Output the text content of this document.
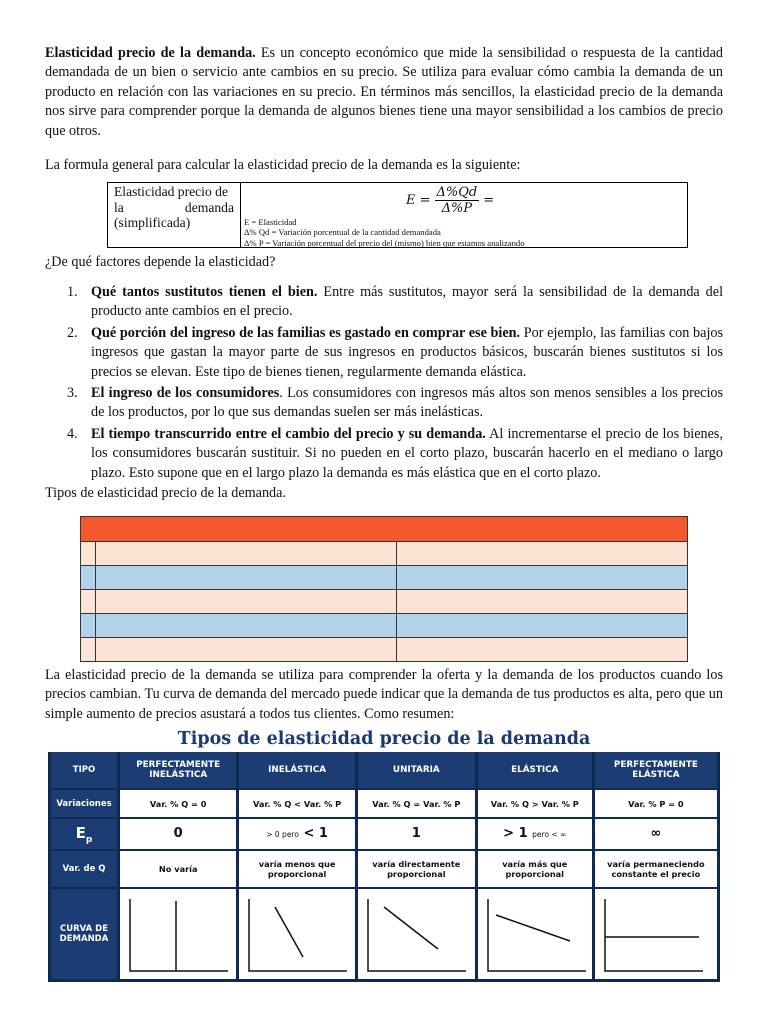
Elasticidad precio de la demanda. Es un concepto económico que mide la sensibilidad o respuesta de la cantidad demandada de un bien o servicio ante cambios en su precio. Se utiliza para evaluar cómo cambia la demanda de un producto en relación con las variaciones en su precio. En términos más sencillos, la elasticidad precio de la demanda nos sirve para comprender porque la demanda de algunos bienes tiene una mayor sensibilidad a los cambios de precio que otros.

La formula general para calcular la elasticidad precio de la demanda es la siguiente:

Elasticidad precio de
la	demanda
(simplificada)
$E = \frac{\Delta\%Qd}{\Delta\%P}$ =
E = Elasticidad
Δ% Qd = Variación porcentual de la cantidad demandada
Δ% P = Variación porcentual del precio del (mismo) bien que estamos analizando
¿De qué factores depende la elasticidad?
1. Qué tantos sustitutos tienen el bien. Entre más sustitutos, mayor será la sensibilidad de la demanda del producto ante cambios en el precio.
2. Qué porción del ingreso de las familias es gastado en comprar ese bien. Por ejemplo, las familias con bajos ingresos que gastan la mayor parte de sus ingresos en productos básicos, buscarán bienes sustitutos si los precios se elevan. Este tipo de bienes tienen, regularmente demanda elástica.
3. El ingreso de los consumidores. Los consumidores con ingresos más altos son menos sensibles a los precios de los productos, por lo que sus demandas suelen ser más inelásticas.
4. El tiempo transcurrido entre el cambio del precio y su demanda. Al incrementarse el precio de los bienes, los consumidores buscarán sustituir. Si no pueden en el corto plazo, buscarán hacerlo en el mediano o largo plazo. Esto supone que en el largo plazo la demanda es más elástica que en el corto plazo.
Tipos de elasticidad precio de la demanda.

La elasticidad precio de la demanda se utiliza para comprender la oferta y la demanda de los productos cuando los precios cambian. Tu curva de demanda del mercado puede indicar que la demanda de tus productos es alta, pero que un simple aumento de precios asustará a todos tus clientes. Como resumen:

Tipos de elasticidad precio de la demanda
TIPO	PERFECTAMENTE INELÁSTICA	INELÁSTICA	UNITARIA	ELÁSTICA	PERFECTAMENTE ELÁSTICA
Variaciones	Var. % Q = 0	Var. % Q < Var. % P	Var. % Q = Var. % P	Var. % Q > Var. % P	Var. % P = 0
$E_p$	0	> 0 pero < 1	1	> 1 pero < ∞	∞
Var. de Q	No varía	varía menos que proporcional	varía directamente proporcional	varía más que proporcional	varía permaneciendo constante el precio
CURVA DE DEMANDA	
